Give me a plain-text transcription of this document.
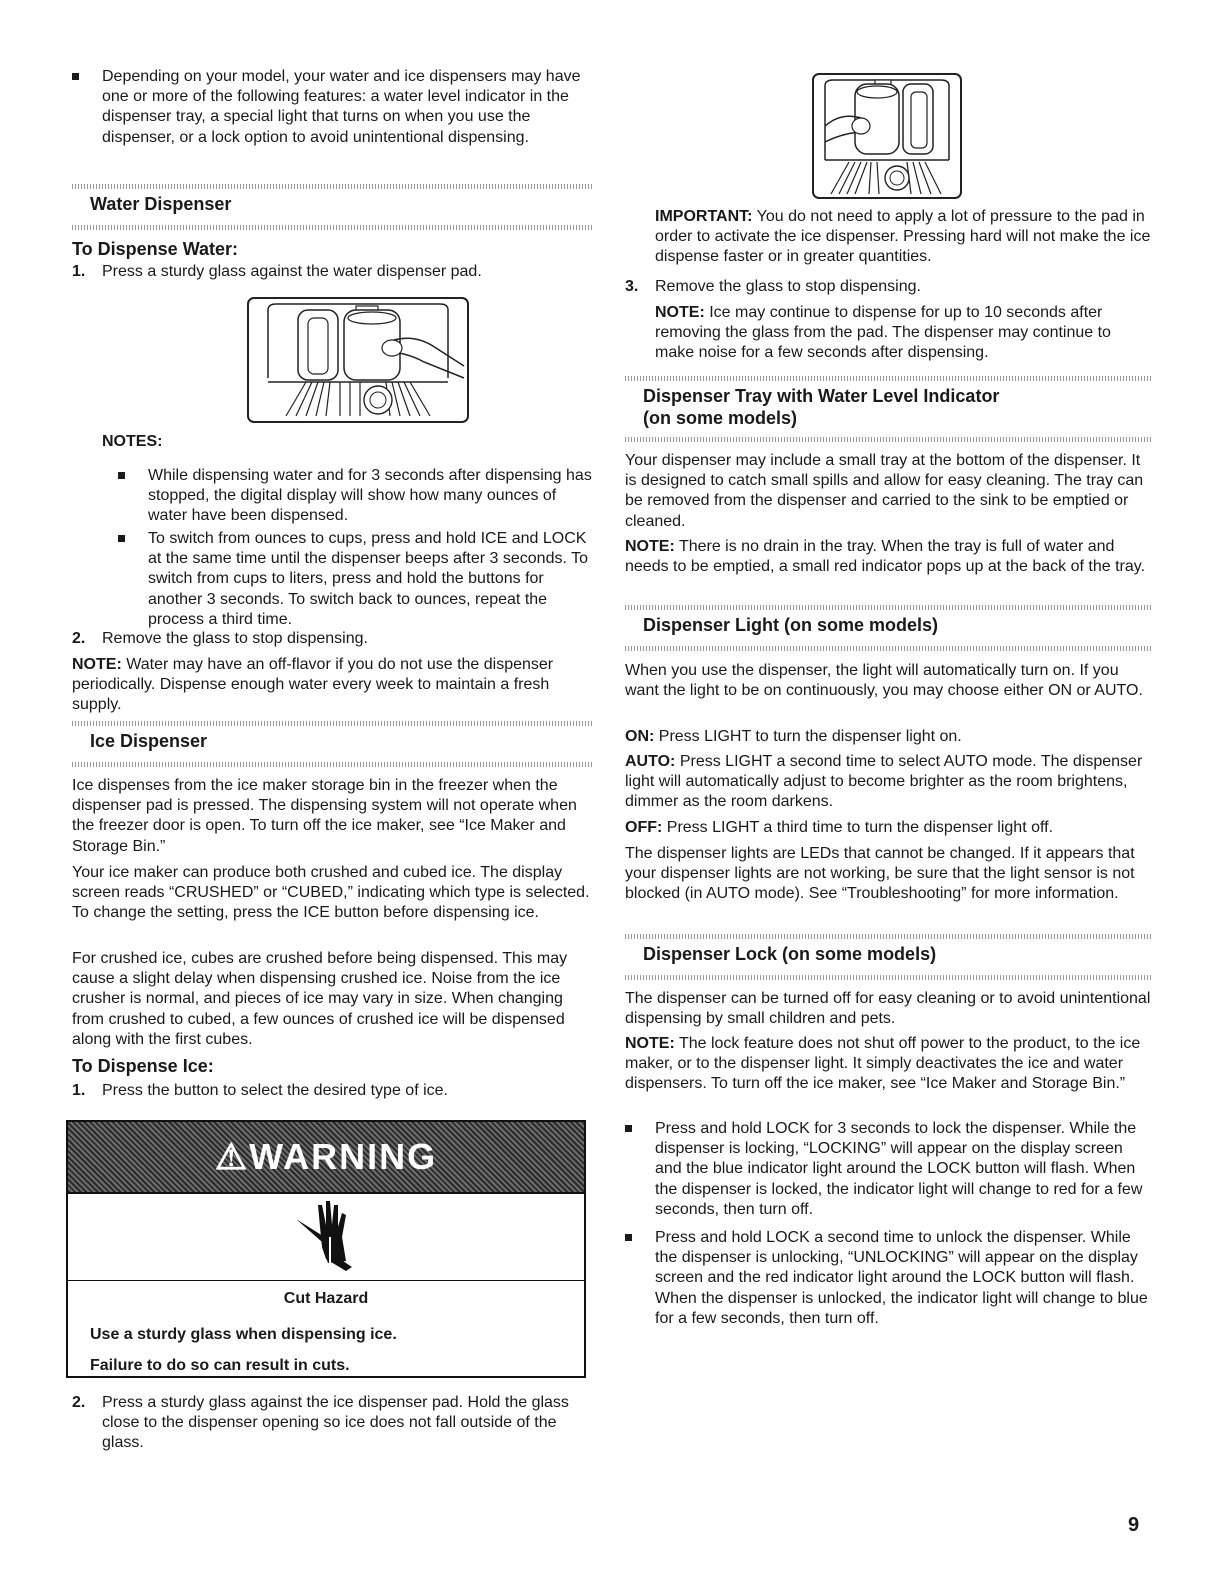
Depending on your model, your water and ice dispensers may have one or more of the following features: a water level indicator in the dispenser tray, a special light that turns on when you use the dispenser, or a lock option to avoid unintentional dispensing.

Water Dispenser
To Dispense Water:
1. Press a sturdy glass against the water dispenser pad.

NOTES:

While dispensing water and for 3 seconds after dispensing has stopped, the digital display will show how many ounces of water have been dispensed.

To switch from ounces to cups, press and hold ICE and LOCK at the same time until the dispenser beeps after 3 seconds. To switch from cups to liters, press and hold the buttons for another 3 seconds. To switch back to ounces, repeat the process a third time.

2. Remove the glass to stop dispensing.

NOTE: Water may have an off-flavor if you do not use the dispenser periodically. Dispense enough water every week to maintain a fresh supply.

Ice Dispenser

Ice dispenses from the ice maker storage bin in the freezer when the dispenser pad is pressed. The dispensing system will not operate when the freezer door is open. To turn off the ice maker, see “Ice Maker and Storage Bin.”

Your ice maker can produce both crushed and cubed ice. The display screen reads “CRUSHED” or “CUBED,” indicating which type is selected. To change the setting, press the ICE button before dispensing ice.

For crushed ice, cubes are crushed before being dispensed. This may cause a slight delay when dispensing crushed ice. Noise from the ice crusher is normal, and pieces of ice may vary in size. When changing from crushed to cubed, a few ounces of crushed ice will be dispensed along with the first cubes.

To Dispense Ice:
1. Press the button to select the desired type of ice.

⚠WARNING

Cut Hazard

Use a sturdy glass when dispensing ice.

Failure to do so can result in cuts.

2. Press a sturdy glass against the ice dispenser pad. Hold the glass close to the dispenser opening so ice does not fall outside of the glass.

IMPORTANT: You do not need to apply a lot of pressure to the pad in order to activate the ice dispenser. Pressing hard will not make the ice dispense faster or in greater quantities.

3. Remove the glass to stop dispensing.

NOTE: Ice may continue to dispense for up to 10 seconds after removing the glass from the pad. The dispenser may continue to make noise for a few seconds after dispensing.

Dispenser Tray with Water Level Indicator
(on some models)

Your dispenser may include a small tray at the bottom of the dispenser. It is designed to catch small spills and allow for easy cleaning. The tray can be removed from the dispenser and carried to the sink to be emptied or cleaned.

NOTE: There is no drain in the tray. When the tray is full of water and needs to be emptied, a small red indicator pops up at the back of the tray.

Dispenser Light (on some models)

When you use the dispenser, the light will automatically turn on. If you want the light to be on continuously, you may choose either ON or AUTO.

ON: Press LIGHT to turn the dispenser light on.

AUTO: Press LIGHT a second time to select AUTO mode. The dispenser light will automatically adjust to become brighter as the room brightens, dimmer as the room darkens.

OFF: Press LIGHT a third time to turn the dispenser light off.

The dispenser lights are LEDs that cannot be changed. If it appears that your dispenser lights are not working, be sure that the light sensor is not blocked (in AUTO mode). See “Troubleshooting” for more information.

Dispenser Lock (on some models)

The dispenser can be turned off for easy cleaning or to avoid unintentional dispensing by small children and pets.

NOTE: The lock feature does not shut off power to the product, to the ice maker, or to the dispenser light. It simply deactivates the ice and water dispensers. To turn off the ice maker, see “Ice Maker and Storage Bin.”

Press and hold LOCK for 3 seconds to lock the dispenser. While the dispenser is locking, “LOCKING” will appear on the display screen and the blue indicator light around the LOCK button will flash. When the dispenser is locked, the indicator light will change to red for a few seconds, then turn off.

Press and hold LOCK a second time to unlock the dispenser. While the dispenser is unlocking, “UNLOCKING” will appear on the display screen and the red indicator light around the LOCK button will flash. When the dispenser is unlocked, the indicator light will change to blue for a few seconds, then turn off.

9
